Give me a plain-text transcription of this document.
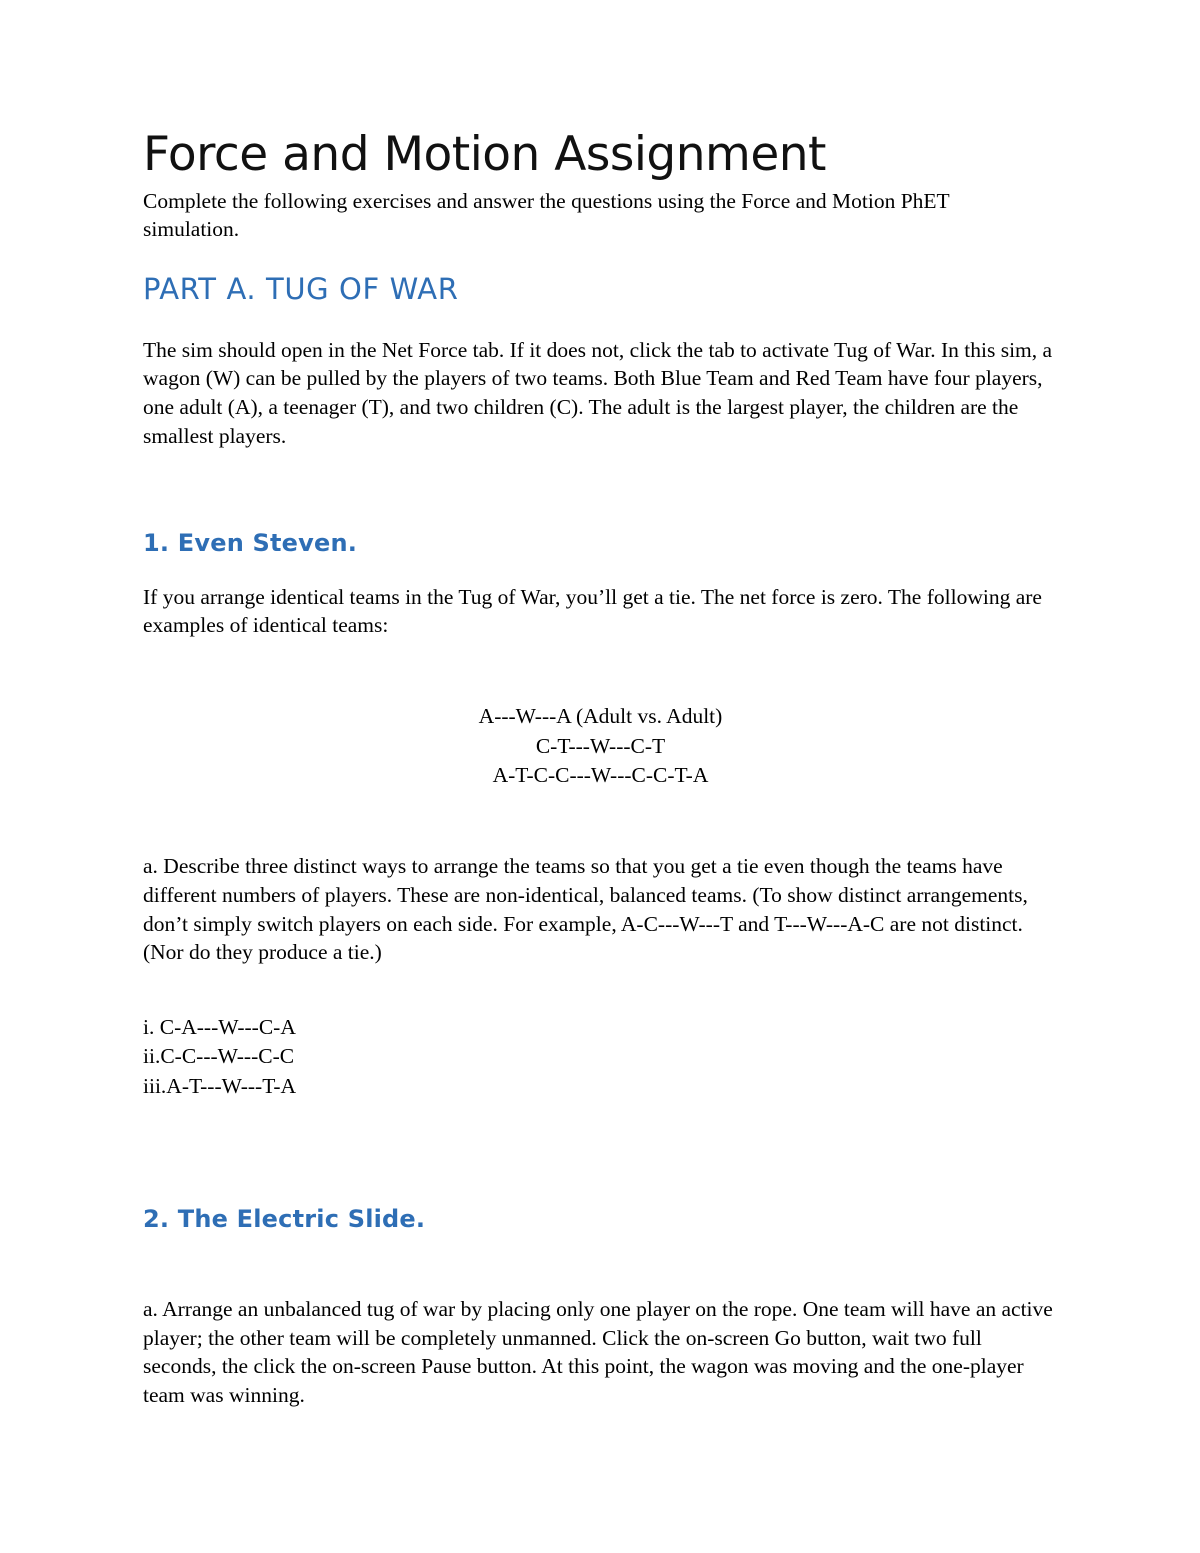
Force and Motion Assignment

Complete the following exercises and answer the questions using the Force and Motion PhET simulation.

PART A. TUG OF WAR

The sim should open in the Net Force tab. If it does not, click the tab to activate Tug of War. In this sim, a wagon (W) can be pulled by the players of two teams. Both Blue Team and Red Team have four players, one adult (A), a teenager (T), and two children (C). The adult is the largest player, the children are the smallest players.

1. Even Steven.

If you arrange identical teams in the Tug of War, you’ll get a tie. The net force is zero. The following are examples of identical teams:

A---W---A (Adult vs. Adult)
C-T---W---C-T
A-T-C-C---W---C-C-T-A

a. Describe three distinct ways to arrange the teams so that you get a tie even though the teams have different numbers of players. These are non-identical, balanced teams. (To show distinct arrangements, don’t simply switch players on each side. For example, A-C---W---T and T---W---A-C are not distinct. (Nor do they produce a tie.)

i. C-A---W---C-A
ii.C-C---W---C-C
iii.A-T---W---T-A
2. The Electric Slide.

a. Arrange an unbalanced tug of war by placing only one player on the rope. One team will have an active player; the other team will be completely unmanned. Click the on-screen Go button, wait two full seconds, the click the on-screen Pause button. At this point, the wagon was moving and the one-player team was winning.
